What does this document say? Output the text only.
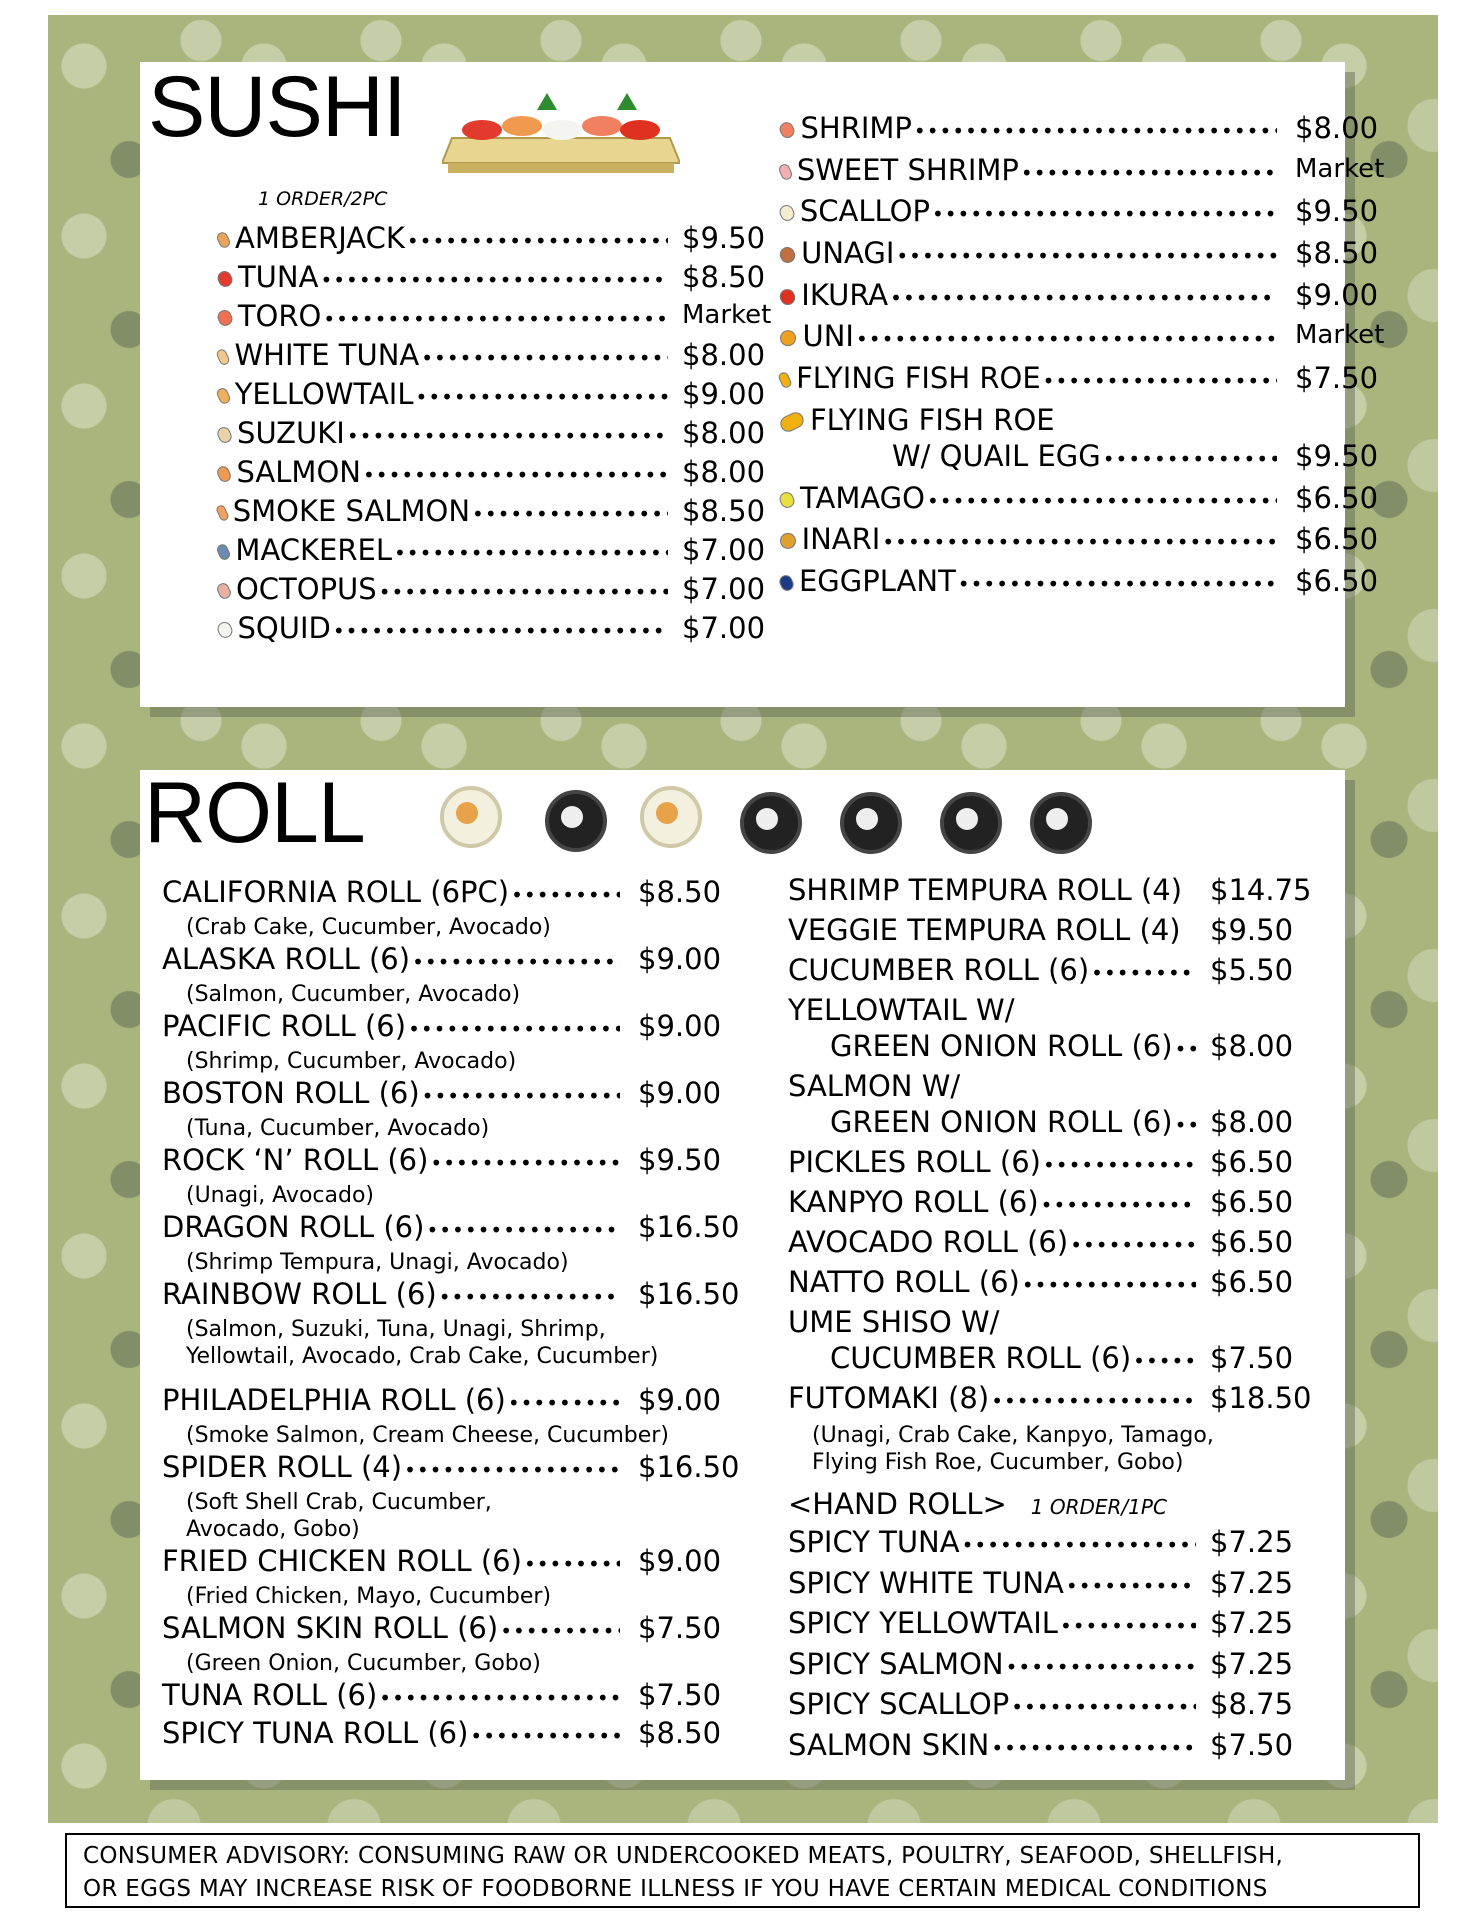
SUSHI
1 ORDER/2PC
AMBERJACK •••••	$9.50
TUNA •••••	$8.50
TORO •••••	Market
WHITE TUNA •••••	$8.00
YELLOWTAIL •••••	$9.00
SUZUKI •••••	$8.00
SALMON •••••	$8.00
SMOKE SALMON •••••	$8.50
MACKEREL •••••	$7.00
OCTOPUS •••••	$7.00
SQUID •••••	$7.00
SHRIMP •••••	$8.00
SWEET SHRIMP •••••	Market
SCALLOP •••••	$9.50
UNAGI •••••	$8.50
IKURA •••••	$9.00
UNI •••••	Market
FLYING FISH ROE •••••	$7.50
FLYING FISH ROE
W/ QUAIL EGG •••••	$9.50
TAMAGO •••••	$6.50
INARI •••••	$6.50
EGGPLANT •••••	$6.50
ROLL
CALIFORNIA ROLL (6PC) •••••	$8.50
(Crab Cake, Cucumber, Avocado)
ALASKA ROLL (6) •••••	$9.00
(Salmon, Cucumber, Avocado)
PACIFIC ROLL (6) •••••	$9.00
(Shrimp, Cucumber, Avocado)
BOSTON ROLL (6) •••••	$9.00
(Tuna, Cucumber, Avocado)
ROCK ‘N’ ROLL (6) •••••	$9.50
(Unagi, Avocado)
DRAGON ROLL (6) •••••	$16.50
(Shrimp Tempura, Unagi, Avocado)
RAINBOW ROLL (6) •••••	$16.50
(Salmon, Suzuki, Tuna, Unagi, Shrimp,
Yellowtail, Avocado, Crab Cake, Cucumber)
PHILADELPHIA ROLL (6) •••••	$9.00
(Smoke Salmon, Cream Cheese, Cucumber)
SPIDER ROLL (4) •••••	$16.50
(Soft Shell Crab, Cucumber,
Avocado, Gobo)
FRIED CHICKEN ROLL (6) •••••	$9.00
(Fried Chicken, Mayo, Cucumber)
SALMON SKIN ROLL (6) •••••	$7.50
(Green Onion, Cucumber, Gobo)
TUNA ROLL (6) •••••	$7.50
SPICY TUNA ROLL (6) •••••	$8.50
SHRIMP TEMPURA ROLL (4) $14.75
VEGGIE TEMPURA ROLL (4) $9.50
CUCUMBER ROLL (6) •••••	$5.50
YELLOWTAIL W/
GREEN ONION ROLL (6) ••••• $8.00
SALMON W/
GREEN ONION ROLL (6) ••••• $8.00
PICKLES ROLL (6) •••••	$6.50
KANPYO ROLL (6) •••••	$6.50
AVOCADO ROLL (6) •••••	$6.50
NATTO ROLL (6) •••••	$6.50
UME SHISO W/
CUCUMBER ROLL (6) •••••	$7.50
FUTOMAKI (8) •••••	$18.50
(Unagi, Crab Cake, Kanpyo, Tamago,
Flying Fish Roe, Cucumber, Gobo)
<HAND ROLL> 1 ORDER/1PC
SPICY TUNA •••••	$7.25
SPICY WHITE TUNA •••••	$7.25
SPICY YELLOWTAIL •••••	$7.25
SPICY SALMON •••••	$7.25
SPICY SCALLOP •••••	$8.75
SALMON SKIN •••••	$7.50
CONSUMER ADVISORY: CONSUMING RAW OR UNDERCOOKED MEATS, POULTRY, SEAFOOD, SHELLFISH,
OR EGGS MAY INCREASE RISK OF FOODBORNE ILLNESS IF YOU HAVE CERTAIN MEDICAL CONDITIONS
